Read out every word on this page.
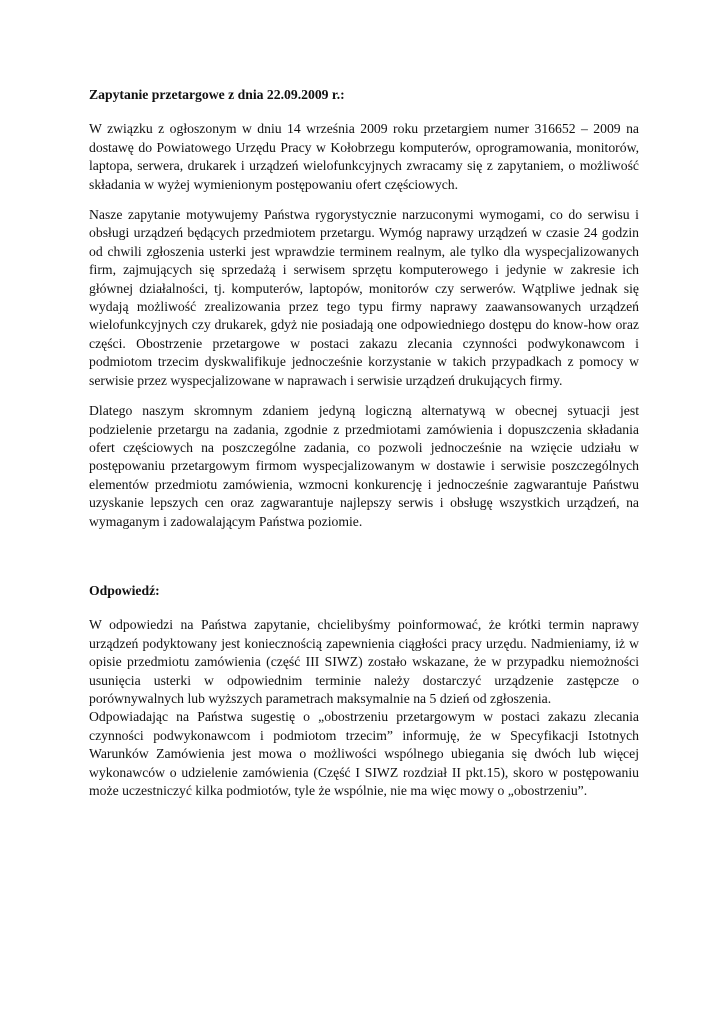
Zapytanie przetargowe z dnia 22.09.2009 r.:

W związku z ogłoszonym w dniu 14 września 2009 roku przetargiem numer 316652 – 2009 na dostawę do Powiatowego Urzędu Pracy w Kołobrzegu komputerów, oprogramowania, monitorów, laptopa, serwera, drukarek i urządzeń wielofunkcyjnych zwracamy się z zapytaniem, o możliwość składania w wyżej wymienionym postępowaniu ofert częściowych.

Nasze zapytanie motywujemy Państwa rygorystycznie narzuconymi wymogami, co do serwisu i obsługi urządzeń będących przedmiotem przetargu. Wymóg naprawy urządzeń w czasie 24 godzin od chwili zgłoszenia usterki jest wprawdzie terminem realnym, ale tylko dla wyspecjalizowanych firm, zajmujących się sprzedażą i serwisem sprzętu komputerowego i jedynie w zakresie ich głównej działalności, tj. komputerów, laptopów, monitorów czy serwerów. Wątpliwe jednak się wydają możliwość zrealizowania przez tego typu firmy naprawy zaawansowanych urządzeń wielofunkcyjnych czy drukarek, gdyż nie posiadają one odpowiedniego dostępu do know-how oraz części. Obostrzenie przetargowe w postaci zakazu zlecania czynności podwykonawcom i podmiotom trzecim dyskwalifikuje jednocześnie korzystanie w takich przypadkach z pomocy w serwisie przez wyspecjalizowane w naprawach i serwisie urządzeń drukujących firmy.

Dlatego naszym skromnym zdaniem jedyną logiczną alternatywą w obecnej sytuacji jest podzielenie przetargu na zadania, zgodnie z przedmiotami zamówienia i dopuszczenia składania ofert częściowych na poszczególne zadania, co pozwoli jednocześnie na wzięcie udziału w postępowaniu przetargowym firmom wyspecjalizowanym w dostawie i serwisie poszczególnych elementów przedmiotu zamówienia, wzmocni konkurencję i jednocześnie zagwarantuje Państwu uzyskanie lepszych cen oraz zagwarantuje najlepszy serwis i obsługę wszystkich urządzeń, na wymaganym i zadowalającym Państwa poziomie.

Odpowiedź:

W odpowiedzi na Państwa zapytanie, chcielibyśmy poinformować, że krótki termin naprawy urządzeń podyktowany jest koniecznością zapewnienia ciągłości pracy urzędu. Nadmieniamy, iż w opisie przedmiotu zamówienia (część III SIWZ) zostało wskazane, że w przypadku niemożności usunięcia usterki w odpowiednim terminie należy dostarczyć urządzenie zastępcze o porównywalnych lub wyższych parametrach maksymalnie na 5 dzień od zgłoszenia.

Odpowiadając na Państwa sugestię o „obostrzeniu przetargowym w postaci zakazu zlecania czynności podwykonawcom i podmiotom trzecim” informuję, że w Specyfikacji Istotnych Warunków Zamówienia jest mowa o możliwości wspólnego ubiegania się dwóch lub więcej wykonawców o udzielenie zamówienia (Część I SIWZ rozdział II pkt.15), skoro w postępowaniu może uczestniczyć kilka podmiotów, tyle że wspólnie, nie ma więc mowy o „obostrzeniu”.
